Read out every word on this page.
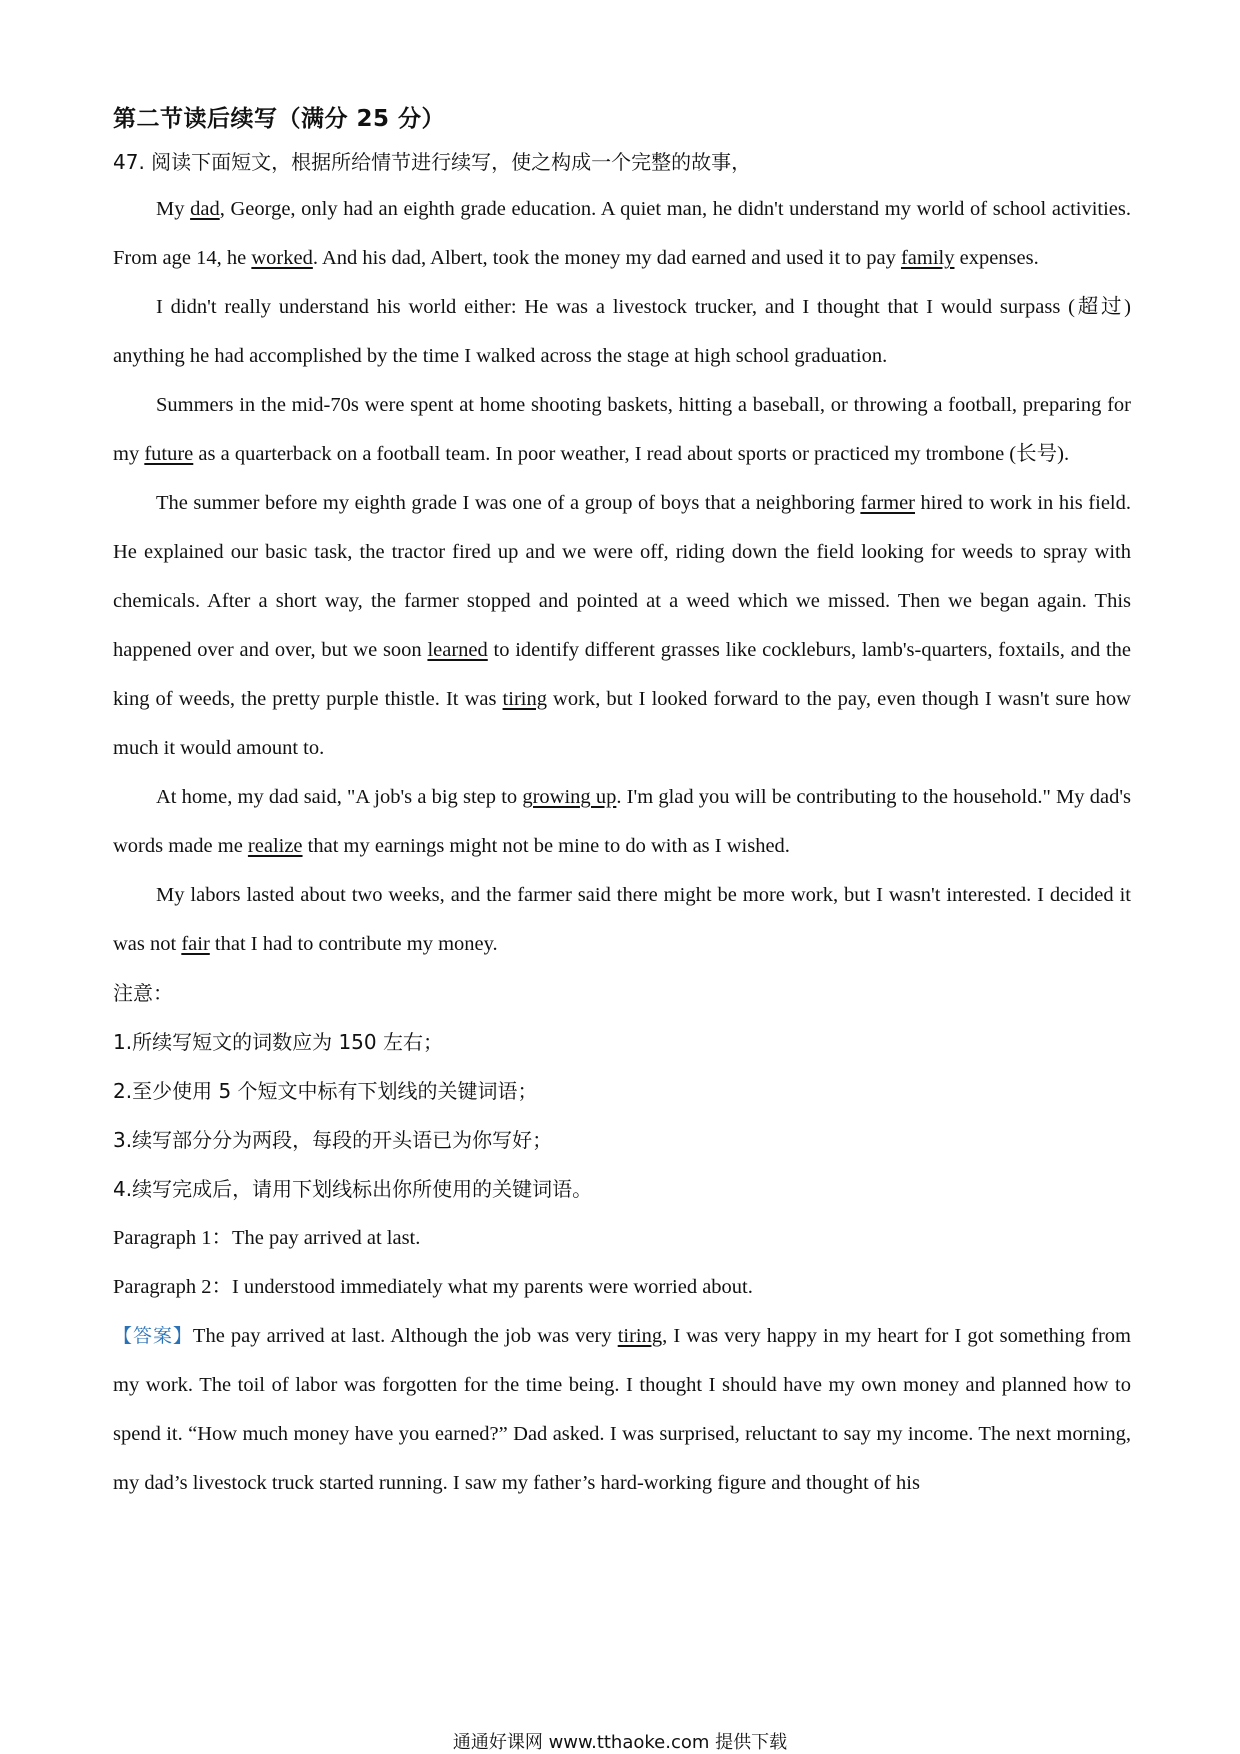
第二节读后续写（满分 25 分）
47. 阅读下面短文，根据所给情节进行续写，使之构成一个完整的故事，

My dad, George, only had an eighth grade education. A quiet man, he didn't understand my world of school activities. From age 14, he worked. And his dad, Albert, took the money my dad earned and used it to pay family expenses.

I didn't really understand his world either: He was a livestock trucker, and I thought that I would surpass (超过) anything he had accomplished by the time I walked across the stage at high school graduation.

Summers in the mid-70s were spent at home shooting baskets, hitting a baseball, or throwing a football, preparing for my future as a quarterback on a football team. In poor weather, I read about sports or practiced my trombone (长号).

The summer before my eighth grade I was one of a group of boys that a neighboring farmer hired to work in his field. He explained our basic task, the tractor fired up and we were off, riding down the field looking for weeds to spray with chemicals. After a short way, the farmer stopped and pointed at a weed which we missed. Then we began again. This happened over and over, but we soon learned to identify different grasses like cockleburs, lamb's-quarters, foxtails, and the king of weeds, the pretty purple thistle. It was tiring work, but I looked forward to the pay, even though I wasn't sure how much it would amount to.

At home, my dad said, "A job's a big step to growing up. I'm glad you will be contributing to the household." My dad's words made me realize that my earnings might not be mine to do with as I wished.

My labors lasted about two weeks, and the farmer said there might be more work, but I wasn't interested. I decided it was not fair that I had to contribute my money.

注意：

1.所续写短文的词数应为 150 左右；

2.至少使用 5 个短文中标有下划线的关键词语；

3.续写部分分为两段，每段的开头语已为你写好；

4.续写完成后，请用下划线标出你所使用的关键词语。

Paragraph 1：The pay arrived at last.

Paragraph 2：I understood immediately what my parents were worried about.

【答案】The pay arrived at last. Although the job was very tiring, I was very happy in my heart for I got something from my work. The toil of labor was forgotten for the time being. I thought I should have my own money and planned how to spend it. “How much money have you earned?” Dad asked. I was surprised, reluctant to say my income. The next morning, my dad’s livestock truck started running. I saw my father’s hard-working figure and thought of his

通通好课网 www.tthaoke.com 提供下载
